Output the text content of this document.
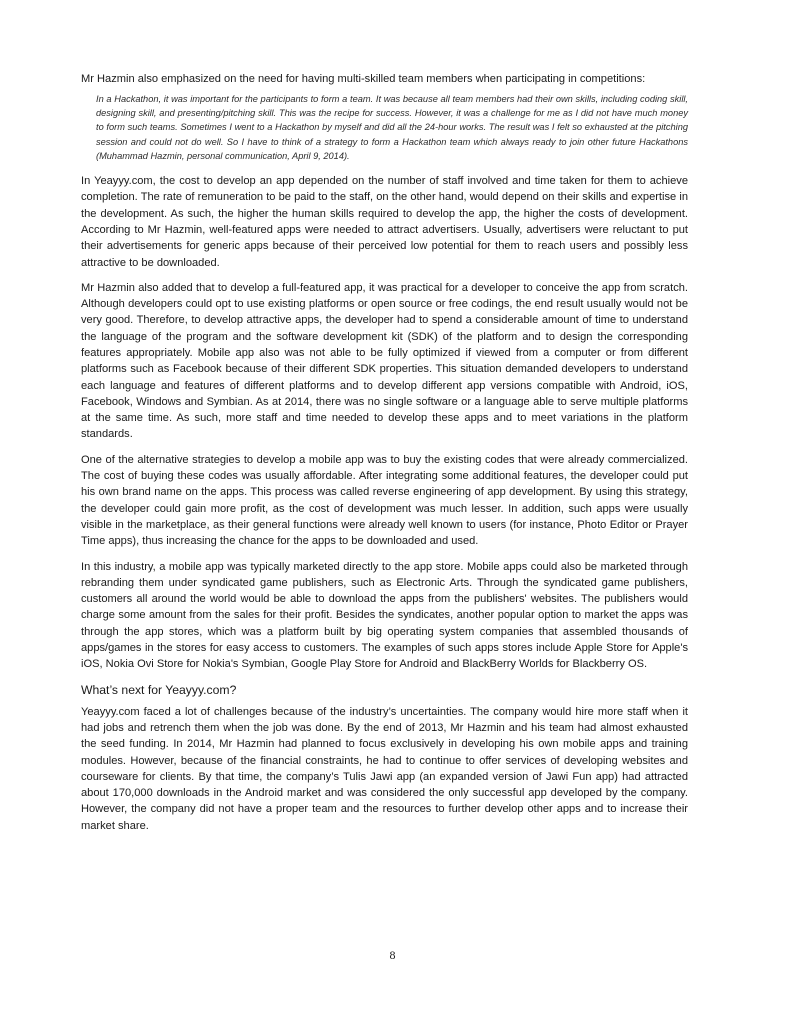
Mr Hazmin also emphasized on the need for having multi-skilled team members when participating in competitions:

In a Hackathon, it was important for the participants to form a team. It was because all team members had their own skills, including coding skill, designing skill, and presenting/pitching skill. This was the recipe for success. However, it was a challenge for me as I did not have much money to form such teams. Sometimes I went to a Hackathon by myself and did all the 24-hour works. The result was I felt so exhausted at the pitching session and could not do well. So I have to think of a strategy to form a Hackathon team which always ready to join other future Hackathons (Muhammad Hazmin, personal communication, April 9, 2014).

In Yeayyy.com, the cost to develop an app depended on the number of staff involved and time taken for them to achieve completion. The rate of remuneration to be paid to the staff, on the other hand, would depend on their skills and expertise in the development. As such, the higher the human skills required to develop the app, the higher the costs of development. According to Mr Hazmin, well-featured apps were needed to attract advertisers. Usually, advertisers were reluctant to put their advertisements for generic apps because of their perceived low potential for them to reach users and possibly less attractive to be downloaded.

Mr Hazmin also added that to develop a full-featured app, it was practical for a developer to conceive the app from scratch. Although developers could opt to use existing platforms or open source or free codings, the end result usually would not be very good. Therefore, to develop attractive apps, the developer had to spend a considerable amount of time to understand the language of the program and the software development kit (SDK) of the platform and to design the corresponding features appropriately. Mobile app also was not able to be fully optimized if viewed from a computer or from different platforms such as Facebook because of their different SDK properties. This situation demanded developers to understand each language and features of different platforms and to develop different app versions compatible with Android, iOS, Facebook, Windows and Symbian. As at 2014, there was no single software or a language able to serve multiple platforms at the same time. As such, more staff and time needed to develop these apps and to meet variations in the platform standards.

One of the alternative strategies to develop a mobile app was to buy the existing codes that were already commercialized. The cost of buying these codes was usually affordable. After integrating some additional features, the developer could put his own brand name on the apps. This process was called reverse engineering of app development. By using this strategy, the developer could gain more profit, as the cost of development was much lesser. In addition, such apps were usually visible in the marketplace, as their general functions were already well known to users (for instance, Photo Editor or Prayer Time apps), thus increasing the chance for the apps to be downloaded and used.

In this industry, a mobile app was typically marketed directly to the app store. Mobile apps could also be marketed through rebranding them under syndicated game publishers, such as Electronic Arts. Through the syndicated game publishers, customers all around the world would be able to download the apps from the publishers' websites. The publishers would charge some amount from the sales for their profit. Besides the syndicates, another popular option to market the apps was through the app stores, which was a platform built by big operating system companies that assembled thousands of apps/games in the stores for easy access to customers. The examples of such apps stores include Apple Store for Apple's iOS, Nokia Ovi Store for Nokia's Symbian, Google Play Store for Android and BlackBerry Worlds for Blackberry OS.

What’s next for Yeayyy.com?

Yeayyy.com faced a lot of challenges because of the industry’s uncertainties. The company would hire more staff when it had jobs and retrench them when the job was done. By the end of 2013, Mr Hazmin and his team had almost exhausted the seed funding. In 2014, Mr Hazmin had planned to focus exclusively in developing his own mobile apps and training modules. However, because of the financial constraints, he had to continue to offer services of developing websites and courseware for clients. By that time, the company’s Tulis Jawi app (an expanded version of Jawi Fun app) had attracted about 170,000 downloads in the Android market and was considered the only successful app developed by the company. However, the company did not have a proper team and the resources to further develop other apps and to increase their market share.

8
